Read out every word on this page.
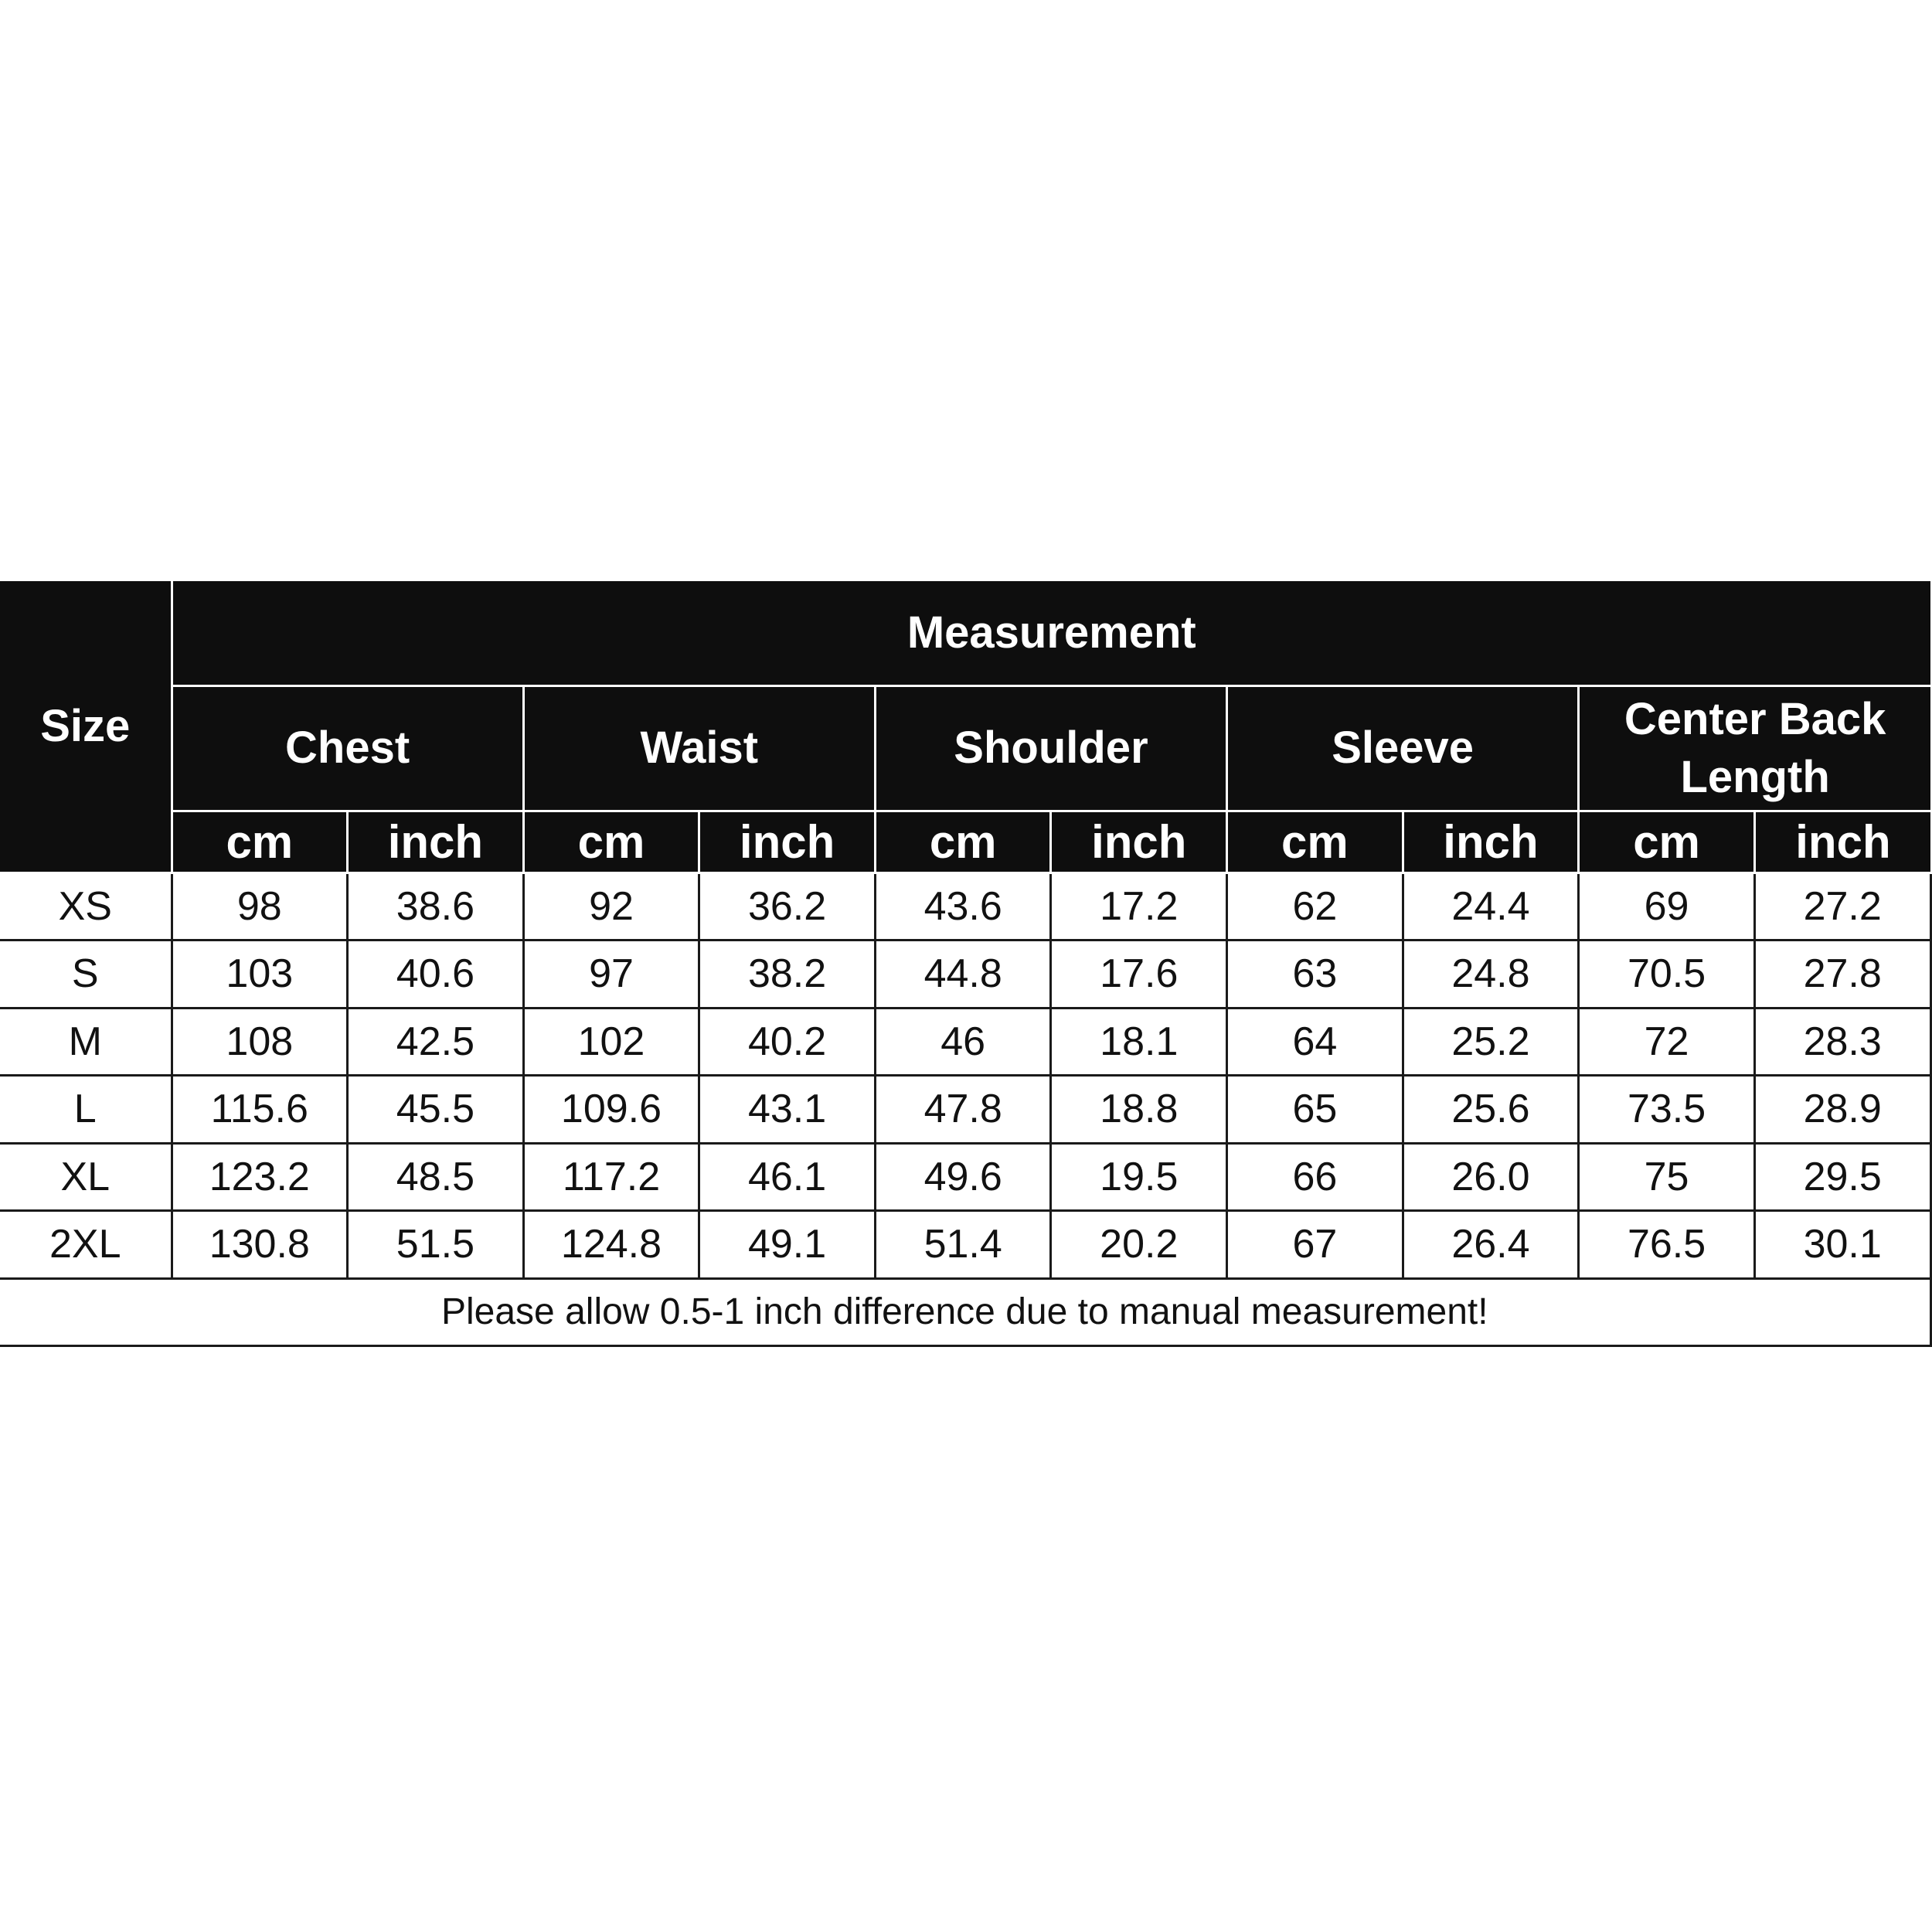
Size	Measurement									
	Chest		Waist		Shoulder		Sleeve		Center Back Length	
	cm	inch	cm	inch	cm	inch	cm	inch	cm	inch
XS	98	38.6	92	36.2	43.6	17.2	62	24.4	69	27.2
S	103	40.6	97	38.2	44.8	17.6	63	24.8	70.5	27.8
M	108	42.5	102	40.2	46	18.1	64	25.2	72	28.3
L	115.6	45.5	109.6	43.1	47.8	18.8	65	25.6	73.5	28.9
XL	123.2	48.5	117.2	46.1	49.6	19.5	66	26.0	75	29.5
2XL	130.8	51.5	124.8	49.1	51.4	20.2	67	26.4	76.5	30.1
Please allow 0.5-1 inch difference due to manual measurement!										
